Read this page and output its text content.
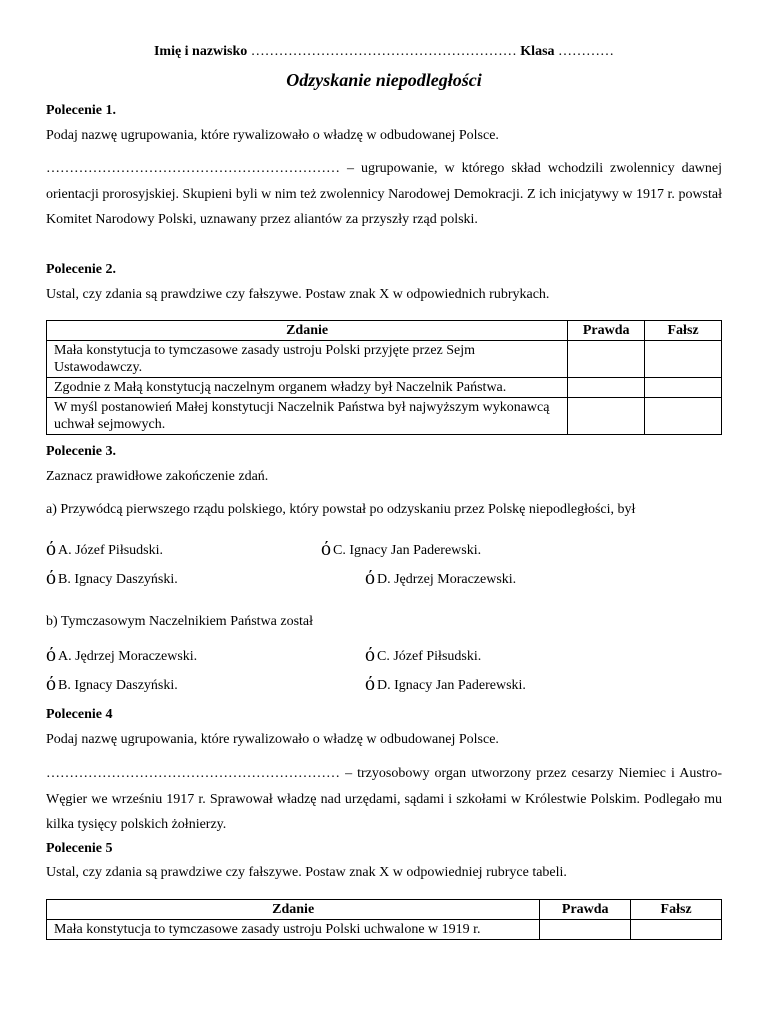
Imię i nazwisko ………………………………………………… Klasa …………
Odzyskanie niepodległości
Polecenie 1.
Podaj nazwę ugrupowania, które rywalizowało o władzę w odbudowanej Polsce.
……………………………………………………… – ugrupowanie, w którego skład wchodzili zwolennicy dawnej orientacji prorosyjskiej. Skupieni byli w nim też zwolennicy Narodowej Demokracji. Z ich inicjatywy w 1917 r. powstał Komitet Narodowy Polski, uznawany przez aliantów za przyszły rząd polski.
Polecenie 2.
Ustal, czy zdania są prawdziwe czy fałszywe. Postaw znak X w odpowiednich rubrykach.
Zdanie	Prawda	Fałsz
Mała konstytucja to tymczasowe zasady ustroju Polski przyjęte przez Sejm Ustawodawczy.		
Zgodnie z Małą konstytucją naczelnym organem władzy był Naczelnik Państwa.		
W myśl postanowień Małej konstytucji Naczelnik Państwa był najwyższym wykonawcą uchwał sejmowych.		
Polecenie 3.
Zaznacz prawidłowe zakończenie zdań.
a) Przywódcą pierwszego rządu polskiego, który powstał po odzyskaniu przez Polskę niepodległości, był
ό A. Józef Piłsudski.	ό C. Ignacy Jan Paderewski.
ό B. Ignacy Daszyński.	ό D. Jędrzej Moraczewski.
b) Tymczasowym Naczelnikiem Państwa został
ό A. Jędrzej Moraczewski.	ό C. Józef Piłsudski.
ό B. Ignacy Daszyński.	ό D. Ignacy Jan Paderewski.
Polecenie 4
Podaj nazwę ugrupowania, które rywalizowało o władzę w odbudowanej Polsce.
……………………………………………………… – trzyosobowy organ utworzony przez cesarzy Niemiec i Austro-Węgier we wrześniu 1917 r. Sprawował władzę nad urzędami, sądami i szkołami w Królestwie Polskim. Podlegało mu kilka tysięcy polskich żołnierzy.
Polecenie 5
Ustal, czy zdania są prawdziwe czy fałszywe. Postaw znak X w odpowiedniej rubryce tabeli.
Zdanie	Prawda	Fałsz
Mała konstytucja to tymczasowe zasady ustroju Polski uchwalone w 1919 r.		
